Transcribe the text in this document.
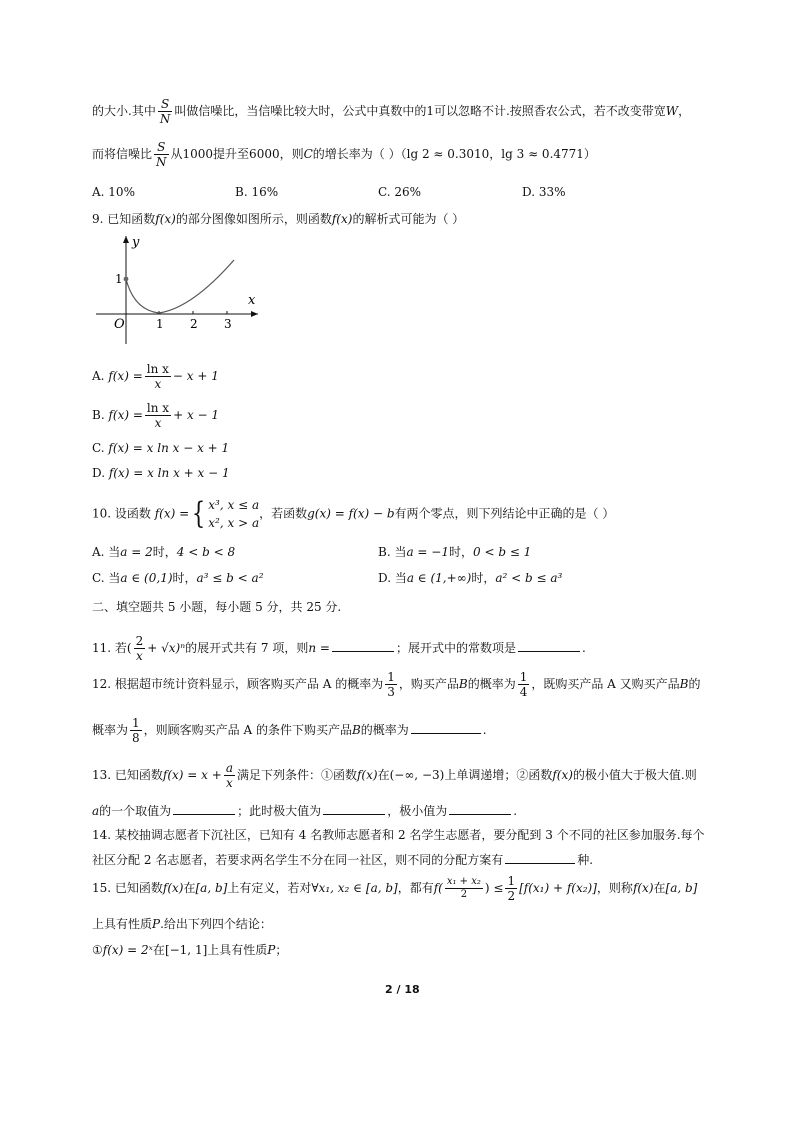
的大小.其中 $\frac{S}{N}$ 叫做信噪比，当信噪比较大时，公式中真数中的1可以忽略不计.按照香农公式，若不改变带宽W，
而将信噪比 $\frac{S}{N}$ 从1000提升至6000，则C的增长率为（ ）（lg 2 ≈ 0.3010，lg 3 ≈ 0.4771）
A. 10%	B. 16%	C. 26%	D. 33%
9. 已知函数f(x)的部分图像如图所示，则函数f(x)的解析式可能为（ ）
y
x
O
1
1 2 3
A. $f(x) = \frac{\text{ln x}}{x} - x + 1$
B. $f(x) = \frac{\text{ln x}}{x} + x - 1$
C. f(x) = x ln x − x + 1
D. f(x) = x ln x + x − 1
10. 设函数 f(x) ={ x³, x ≤ a
x², x > a
，若函数g(x) = f(x) − b有两个零点，则下列结论中正确的是（ ）
A. 当a = 2时，4 < b < 8	B. 当a = −1时，0 < b ≤ 1
C. 当a ∈ (0,1)时，a³ ≤ b < a²	D. 当a ∈ (1,+∞)时，a² < b ≤ a³
二、填空题共 5 小题，每小题 5 分，共 25 分.
11. 若( $\frac{2}{x} + √x)^n$的展开式共有 7 项，则n =	；展开式中的常数项是	.
12. 根据超市统计资料显示，顾客购买产品 A 的概率为 $\frac{1}{3}$ ，购买产品B的概率为 $\frac{1}{4}$ ，既购买产品 A 又购买产品B的
概率为 $\frac{1}{8}$ ，则顾客购买产品 A 的条件下购买产品B的概率为	.
13. 已知函数$f(x) = x + \frac{a}{x}$ 满足下列条件：①函数f(x)在(−∞, −3)上单调递增；②函数f(x)的极小值大于极大值.则
a的一个取值为	；此时极大值为	，极小值为	.
14. 某校抽调志愿者下沉社区，已知有 4 名教师志愿者和 2 名学生志愿者，要分配到 3 个不同的社区参加服务.每个
社区分配 2 名志愿者，若要求两名学生不分在同一社区，则不同的分配方案有	种.
15. 已知函数f(x)在[a, b]上有定义，若对∀x₁, x₂ ∈ [a, b]，都有$f( \frac{\text{x₁ + x₂}}{2}$ ) ≤ $\frac{1}{2} [f(x_1) + f(x_2)]$，则称f(x)在[a, b]
上具有性质P.给出下列四个结论：
①f(x) = 2ˣ在[−1, 1]上具有性质P；
2 / 18
